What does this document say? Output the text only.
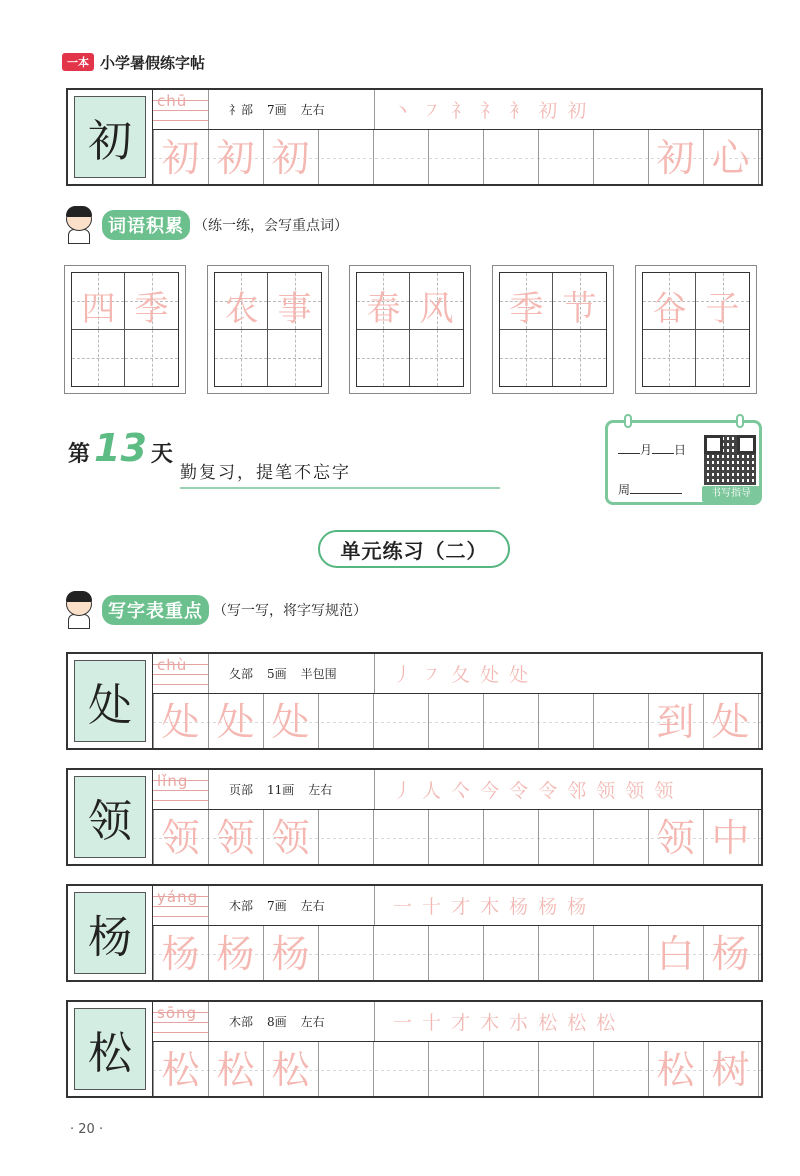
一本 小学暑假练字帖
初
chū	礻部 7画 左右	丶 ㇇ 礻 礻 衤 初 初
初 初 初	初 心
词语积累 （练一练，会写重点词）
四 季 农 事 春 风 季 节 谷 子
第 13 天
勤复习，提笔不忘字
月 日
周	书写指导
单元练习（二）
写字表重点 （写一写，将字写规范）
处
chù	夂部 5画 半包围	丿 ㇇ 夂 处 处
处 处 处	到 处
领
lǐng	页部 11画 左右	丿 人 亽 今 令 令 邻 领 领 领
领 领 领	领 中
杨
yáng	木部 7画 左右	一 十 才 木 杨 杨 杨
杨 杨 杨	白 杨
松
sōng	木部 8画 左右	一 十 才 木 朩 松 松 松
松 松 松	松 树
· 20 ·
